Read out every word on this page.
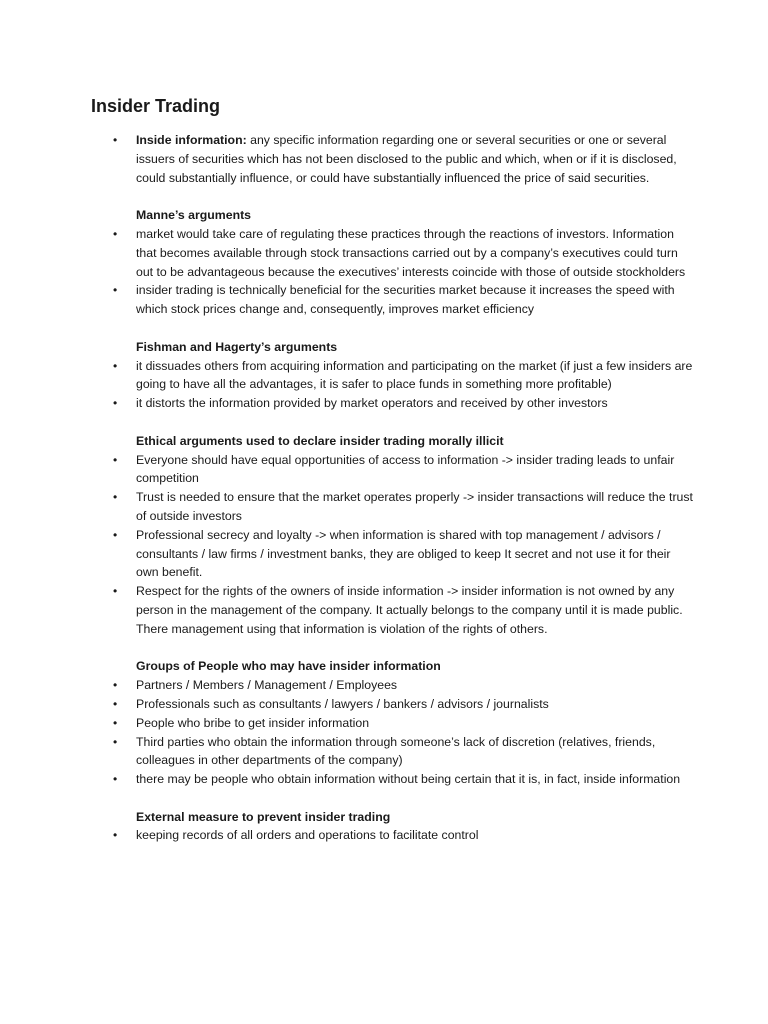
Insider Trading
•	Inside information: any specific information regarding one or several securities or one or several issuers of securities which has not been disclosed to the public and which, when or if it is disclosed, could substantially influence, or could have substantially influenced the price of said securities.
Manne’s arguments
•	market would take care of regulating these practices through the reactions of investors. Information that becomes available through stock transactions carried out by a company’s executives could turn out to be advantageous because the executives’ interests coincide with those of outside stockholders
•	insider trading is technically beneficial for the securities market because it increases the speed with which stock prices change and, consequently, improves market efficiency
Fishman and Hagerty’s arguments
•	it dissuades others from acquiring information and participating on the market (if just a few insiders are going to have all the advantages, it is safer to place funds in something more profitable)
•	it distorts the information provided by market operators and received by other investors
Ethical arguments used to declare insider trading morally illicit
•	Everyone should have equal opportunities of access to information -> insider trading leads to unfair competition
•	Trust is needed to ensure that the market operates properly -> insider transactions will reduce the trust of outside investors
•	Professional secrecy and loyalty -> when information is shared with top management / advisors / consultants / law firms / investment banks, they are obliged to keep It secret and not use it for their own benefit.
•	Respect for the rights of the owners of inside information -> insider information is not owned by any person in the management of the company. It actually belongs to the company until it is made public. There management using that information is violation of the rights of others.
Groups of People who may have insider information
•	Partners / Members / Management / Employees
•	Professionals such as consultants / lawyers / bankers / advisors / journalists
•	People who bribe to get insider information
•	Third parties who obtain the information through someone’s lack of discretion (relatives, friends, colleagues in other departments of the company)
•	there may be people who obtain information without being certain that it is, in fact, inside information
External measure to prevent insider trading
•	keeping records of all orders and operations to facilitate control
